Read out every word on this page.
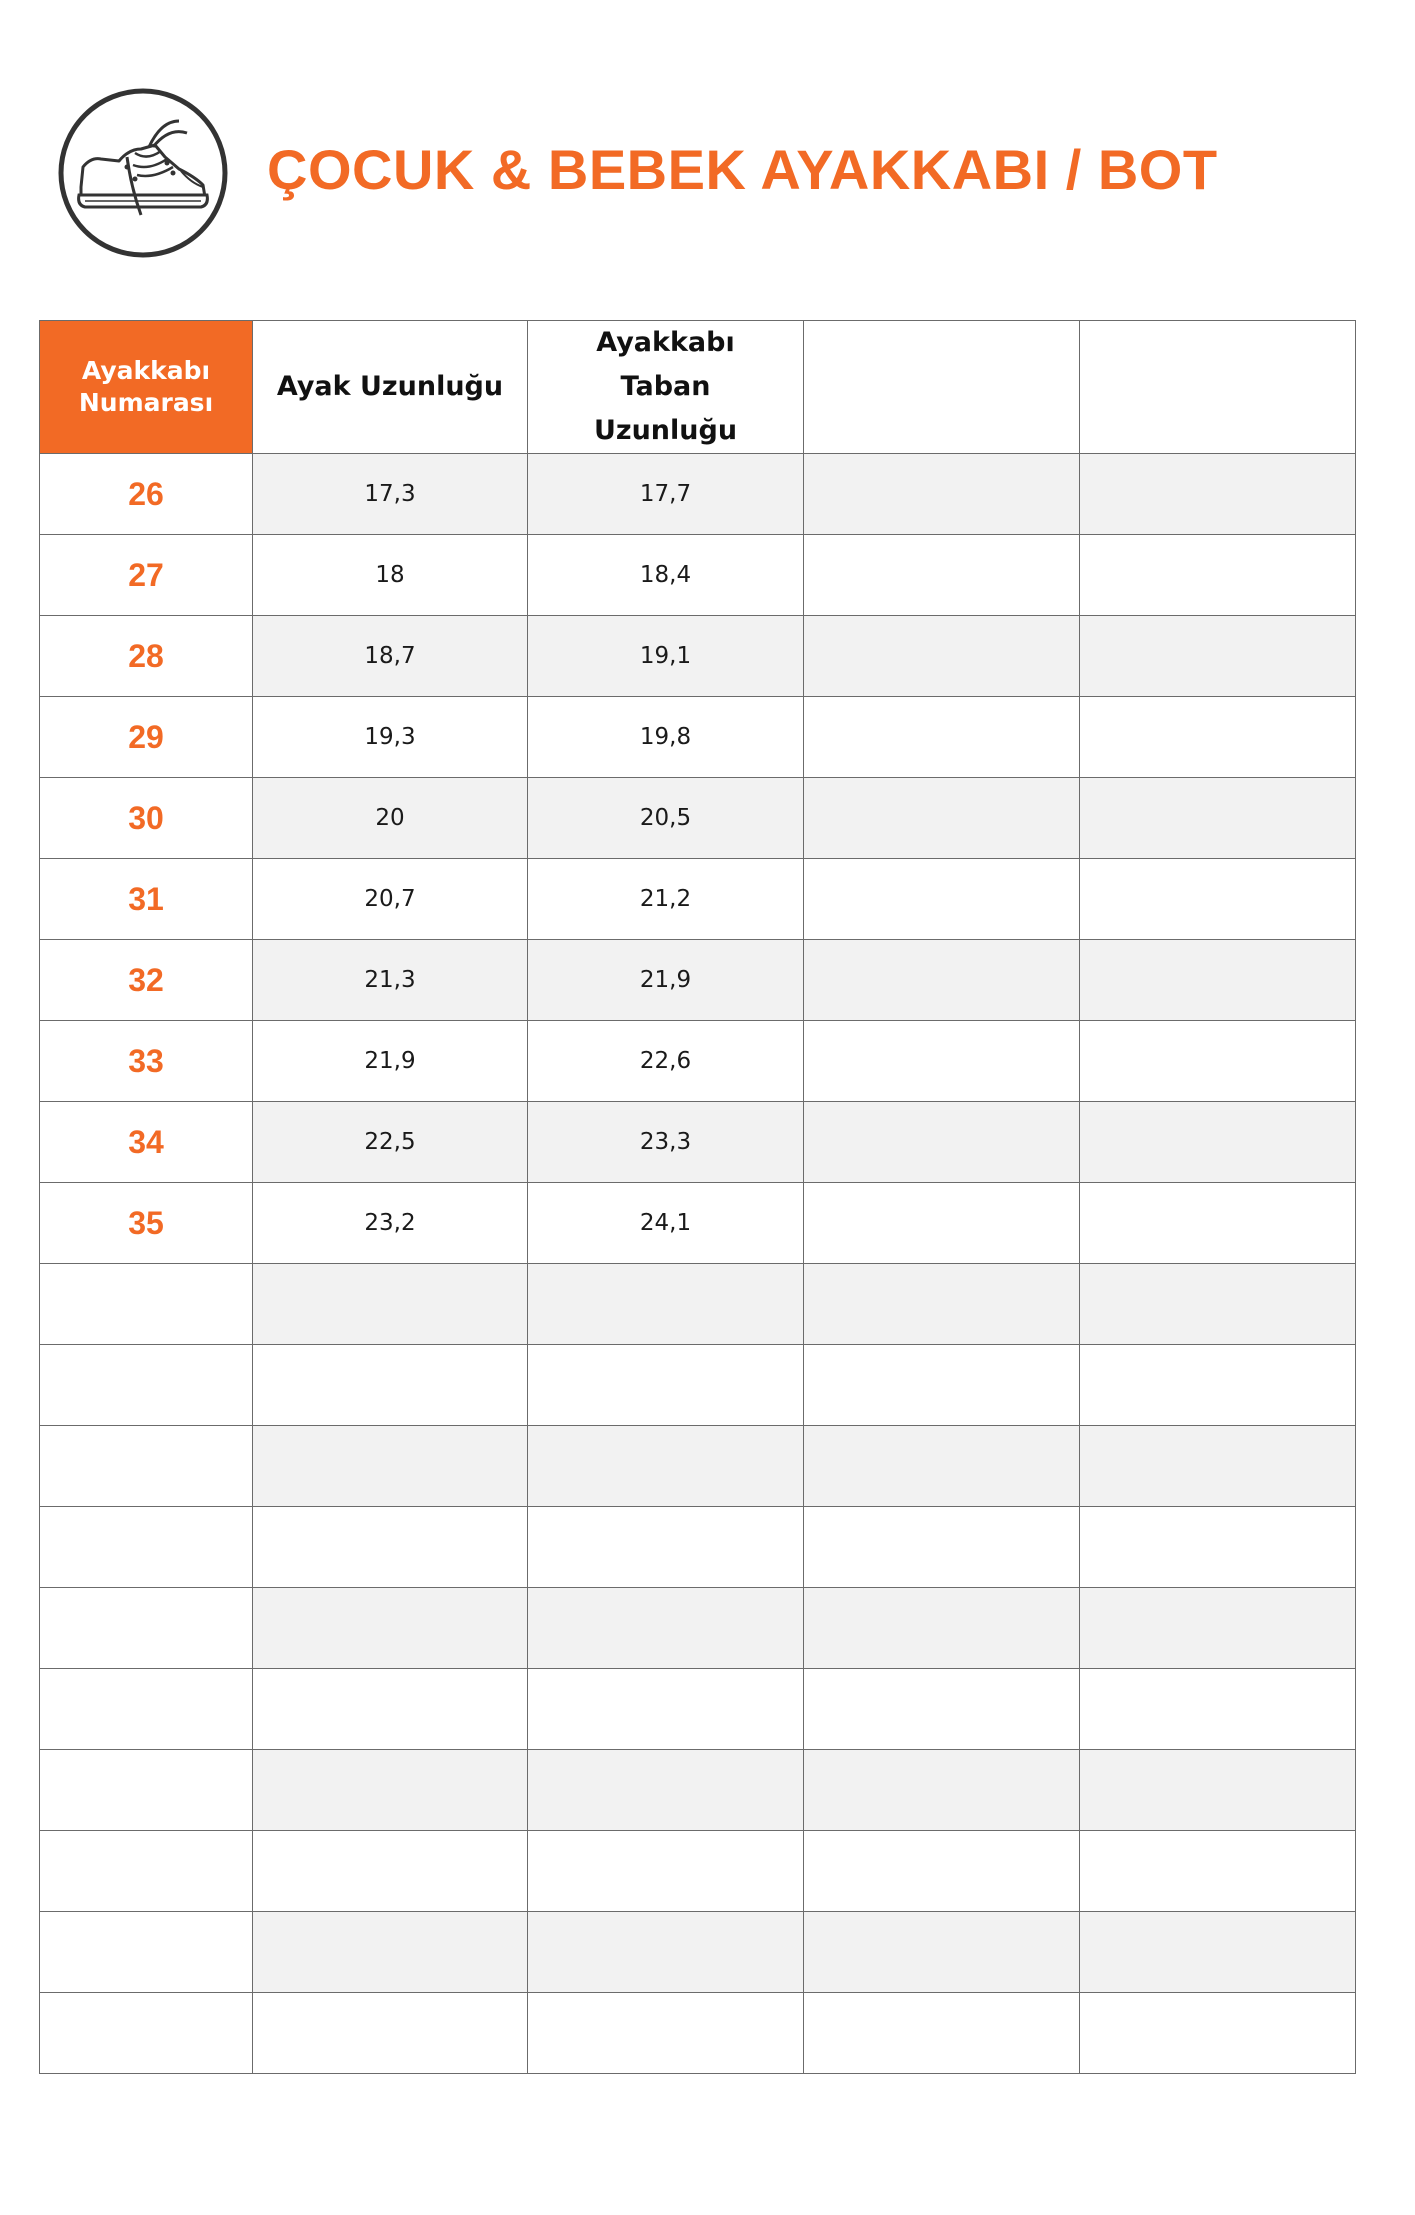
ÇOCUK & BEBEK AYAKKABI / BOT
Ayakkabı Numarası	Ayak Uzunluğu	Ayakkabı Taban Uzunluğu		

26	17,3	17,7		
27	18	18,4		
28	18,7	19,1		
29	19,3	19,8		
30	20	20,5		
31	20,7	21,2		
32	21,3	21,9		
33	21,9	22,6		
34	22,5	23,3		
35	23,2	24,1		
